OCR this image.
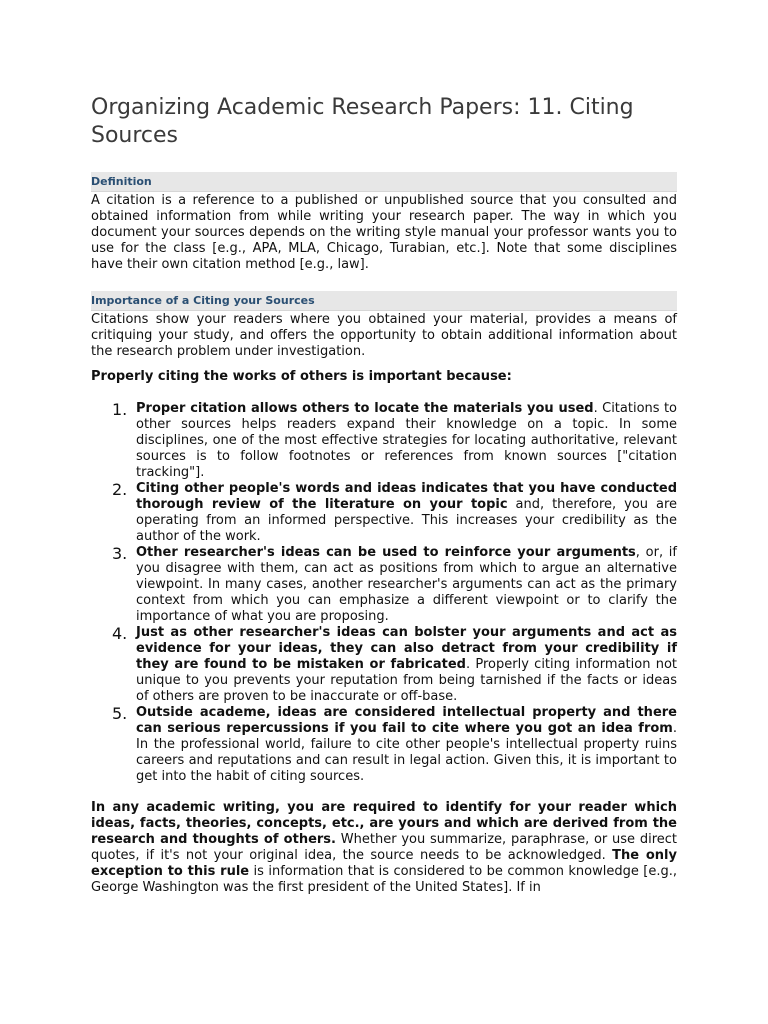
Organizing Academic Research Papers: 11. Citing Sources
Definition

A citation is a reference to a published or unpublished source that you consulted and obtained information from while writing your research paper. The way in which you document your sources depends on the writing style manual your professor wants you to use for the class [e.g., APA, MLA, Chicago, Turabian, etc.]. Note that some disciplines have their own citation method [e.g., law].

Importance of a Citing your Sources

Citations show your readers where you obtained your material, provides a means of critiquing your study, and offers the opportunity to obtain additional information about the research problem under investigation.

Properly citing the works of others is important because:

1. Proper citation allows others to locate the materials you used. Citations to other sources helps readers expand their knowledge on a topic. In some disciplines, one of the most effective strategies for locating authoritative, relevant sources is to follow footnotes or references from known sources ["citation tracking"].
2. Citing other people's words and ideas indicates that you have conducted thorough review of the literature on your topic and, therefore, you are operating from an informed perspective. This increases your credibility as the author of the work.
3. Other researcher's ideas can be used to reinforce your arguments, or, if you disagree with them, can act as positions from which to argue an alternative viewpoint. In many cases, another researcher's arguments can act as the primary context from which you can emphasize a different viewpoint or to clarify the importance of what you are proposing.
4. Just as other researcher's ideas can bolster your arguments and act as evidence for your ideas, they can also detract from your credibility if they are found to be mistaken or fabricated. Properly citing information not unique to you prevents your reputation from being tarnished if the facts or ideas of others are proven to be inaccurate or off-base.
5. Outside academe, ideas are considered intellectual property and there can serious repercussions if you fail to cite where you got an idea from. In the professional world, failure to cite other people's intellectual property ruins careers and reputations and can result in legal action. Given this, it is important to get into the habit of citing sources.

In any academic writing, you are required to identify for your reader which ideas, facts, theories, concepts, etc., are yours and which are derived from the research and thoughts of others. Whether you summarize, paraphrase, or use direct quotes, if it's not your original idea, the source needs to be acknowledged. The only exception to this rule is information that is considered to be common knowledge [e.g., George Washington was the first president of the United States]. If in
